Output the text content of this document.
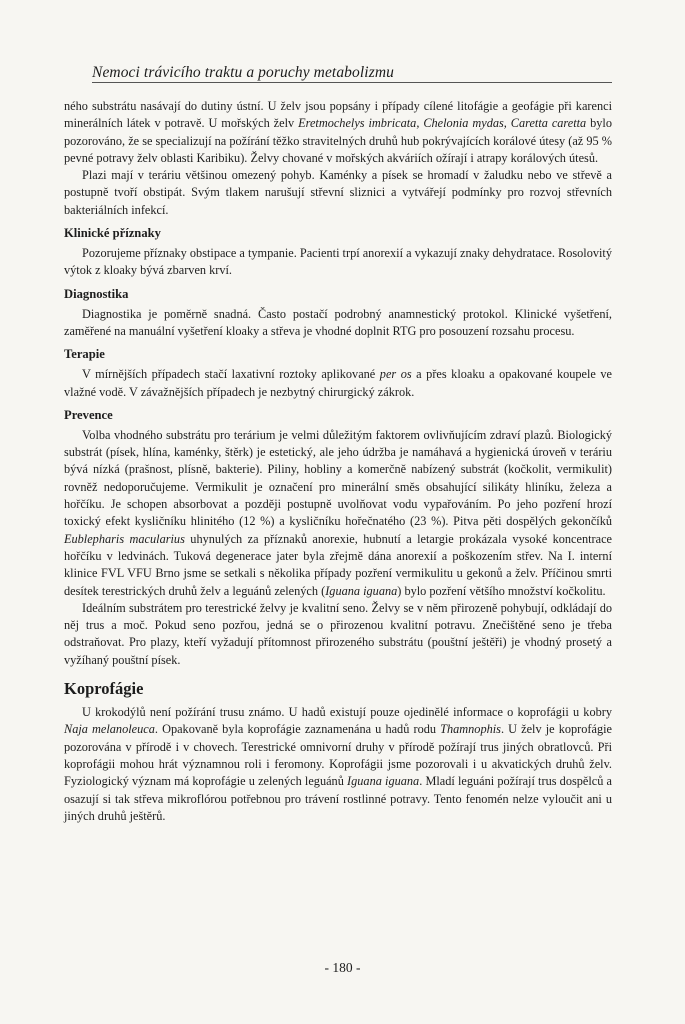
Nemoci trávicího traktu a poruchy metabolizmu

ného substrátu nasávají do dutiny ústní. U želv jsou popsány i případy cílené litofágie a geofágie při karenci minerálních látek v potravě. U mořských želv Eretmochelys imbricata, Chelonia mydas, Caretta caretta bylo pozorováno, že se specializují na požírání těžko stravitelných druhů hub pokrývajících korálové útesy (až 95 % pevné potravy želv oblasti Karibiku). Želvy chované v mořských akváriích ožírají i atrapy korálových útesů.

Plazi mají v teráriu většinou omezený pohyb. Kaménky a písek se hromadí v žaludku nebo ve střevě a postupně tvoří obstipát. Svým tlakem narušují střevní sliznici a vytvářejí podmínky pro rozvoj střevních bakteriálních infekcí.

Klinické příznaky

Pozorujeme příznaky obstipace a tympanie. Pacienti trpí anorexií a vykazují znaky dehydratace. Rosolovitý výtok z kloaky bývá zbarven krví.

Diagnostika

Diagnostika je poměrně snadná. Často postačí podrobný anamnestický protokol. Klinické vyšetření, zaměřené na manuální vyšetření kloaky a střeva je vhodné doplnit RTG pro posouzení rozsahu procesu.

Terapie

V mírnějších případech stačí laxativní roztoky aplikované per os a přes kloaku a opakované koupele ve vlažné vodě. V závažnějších případech je nezbytný chirurgický zákrok.

Prevence

Volba vhodného substrátu pro terárium je velmi důležitým faktorem ovlivňujícím zdraví plazů. Biologický substrát (písek, hlína, kaménky, štěrk) je estetický, ale jeho údržba je namáhavá a hygienická úroveň v teráriu bývá nízká (prašnost, plísně, bakterie). Piliny, hobliny a komerčně nabízený substrát (kočkolit, vermikulit) rovněž nedoporučujeme. Vermikulit je označení pro minerální směs obsahující silikáty hliníku, železa a hořčíku. Je schopen absorbovat a později postupně uvolňovat vodu vypařováním. Po jeho pozření hrozí toxický efekt kysličníku hlinitého (12 %) a kysličníku hořečnatého (23 %). Pitva pěti dospělých gekončíků Eublepharis macularius uhynulých za příznaků anorexie, hubnutí a letargie prokázala vysoké koncentrace hořčíku v ledvinách. Tuková degenerace jater byla zřejmě dána anorexií a poškozením střev. Na I. interní klinice FVL VFU Brno jsme se setkali s několika případy pozření vermikulitu u gekonů a želv. Příčinou smrti desítek terestrických druhů želv a leguánů zelených (Iguana iguana) bylo pozření většího množství kočkolitu.

Ideálním substrátem pro terestrické želvy je kvalitní seno. Želvy se v něm přirozeně pohybují, odkládají do něj trus a moč. Pokud seno pozřou, jedná se o přirozenou kvalitní potravu. Znečištěné seno je třeba odstraňovat. Pro plazy, kteří vyžadují přítomnost přirozeného substrátu (pouštní ještěři) je vhodný prosetý a vyžíhaný pouštní písek.

Koprofágie

U krokodýlů není požírání trusu známo. U hadů existují pouze ojedinělé informace o koprofágii u kobry Naja melanoleuca. Opakovaně byla koprofágie zaznamenána u hadů rodu Thamnophis. U želv je koprofágie pozorována v přírodě i v chovech. Terestrické omnivorní druhy v přírodě požírají trus jiných obratlovců. Při koprofágii mohou hrát významnou roli i feromony. Koprofágii jsme pozorovali i u akvatických druhů želv. Fyziologický význam má koprofágie u zelených leguánů Iguana iguana. Mladí leguáni požírají trus dospělců a osazují si tak střeva mikroflórou potřebnou pro trávení rostlinné potravy. Tento fenomén nelze vyloučit ani u jiných druhů ještěrů.

- 180 -
